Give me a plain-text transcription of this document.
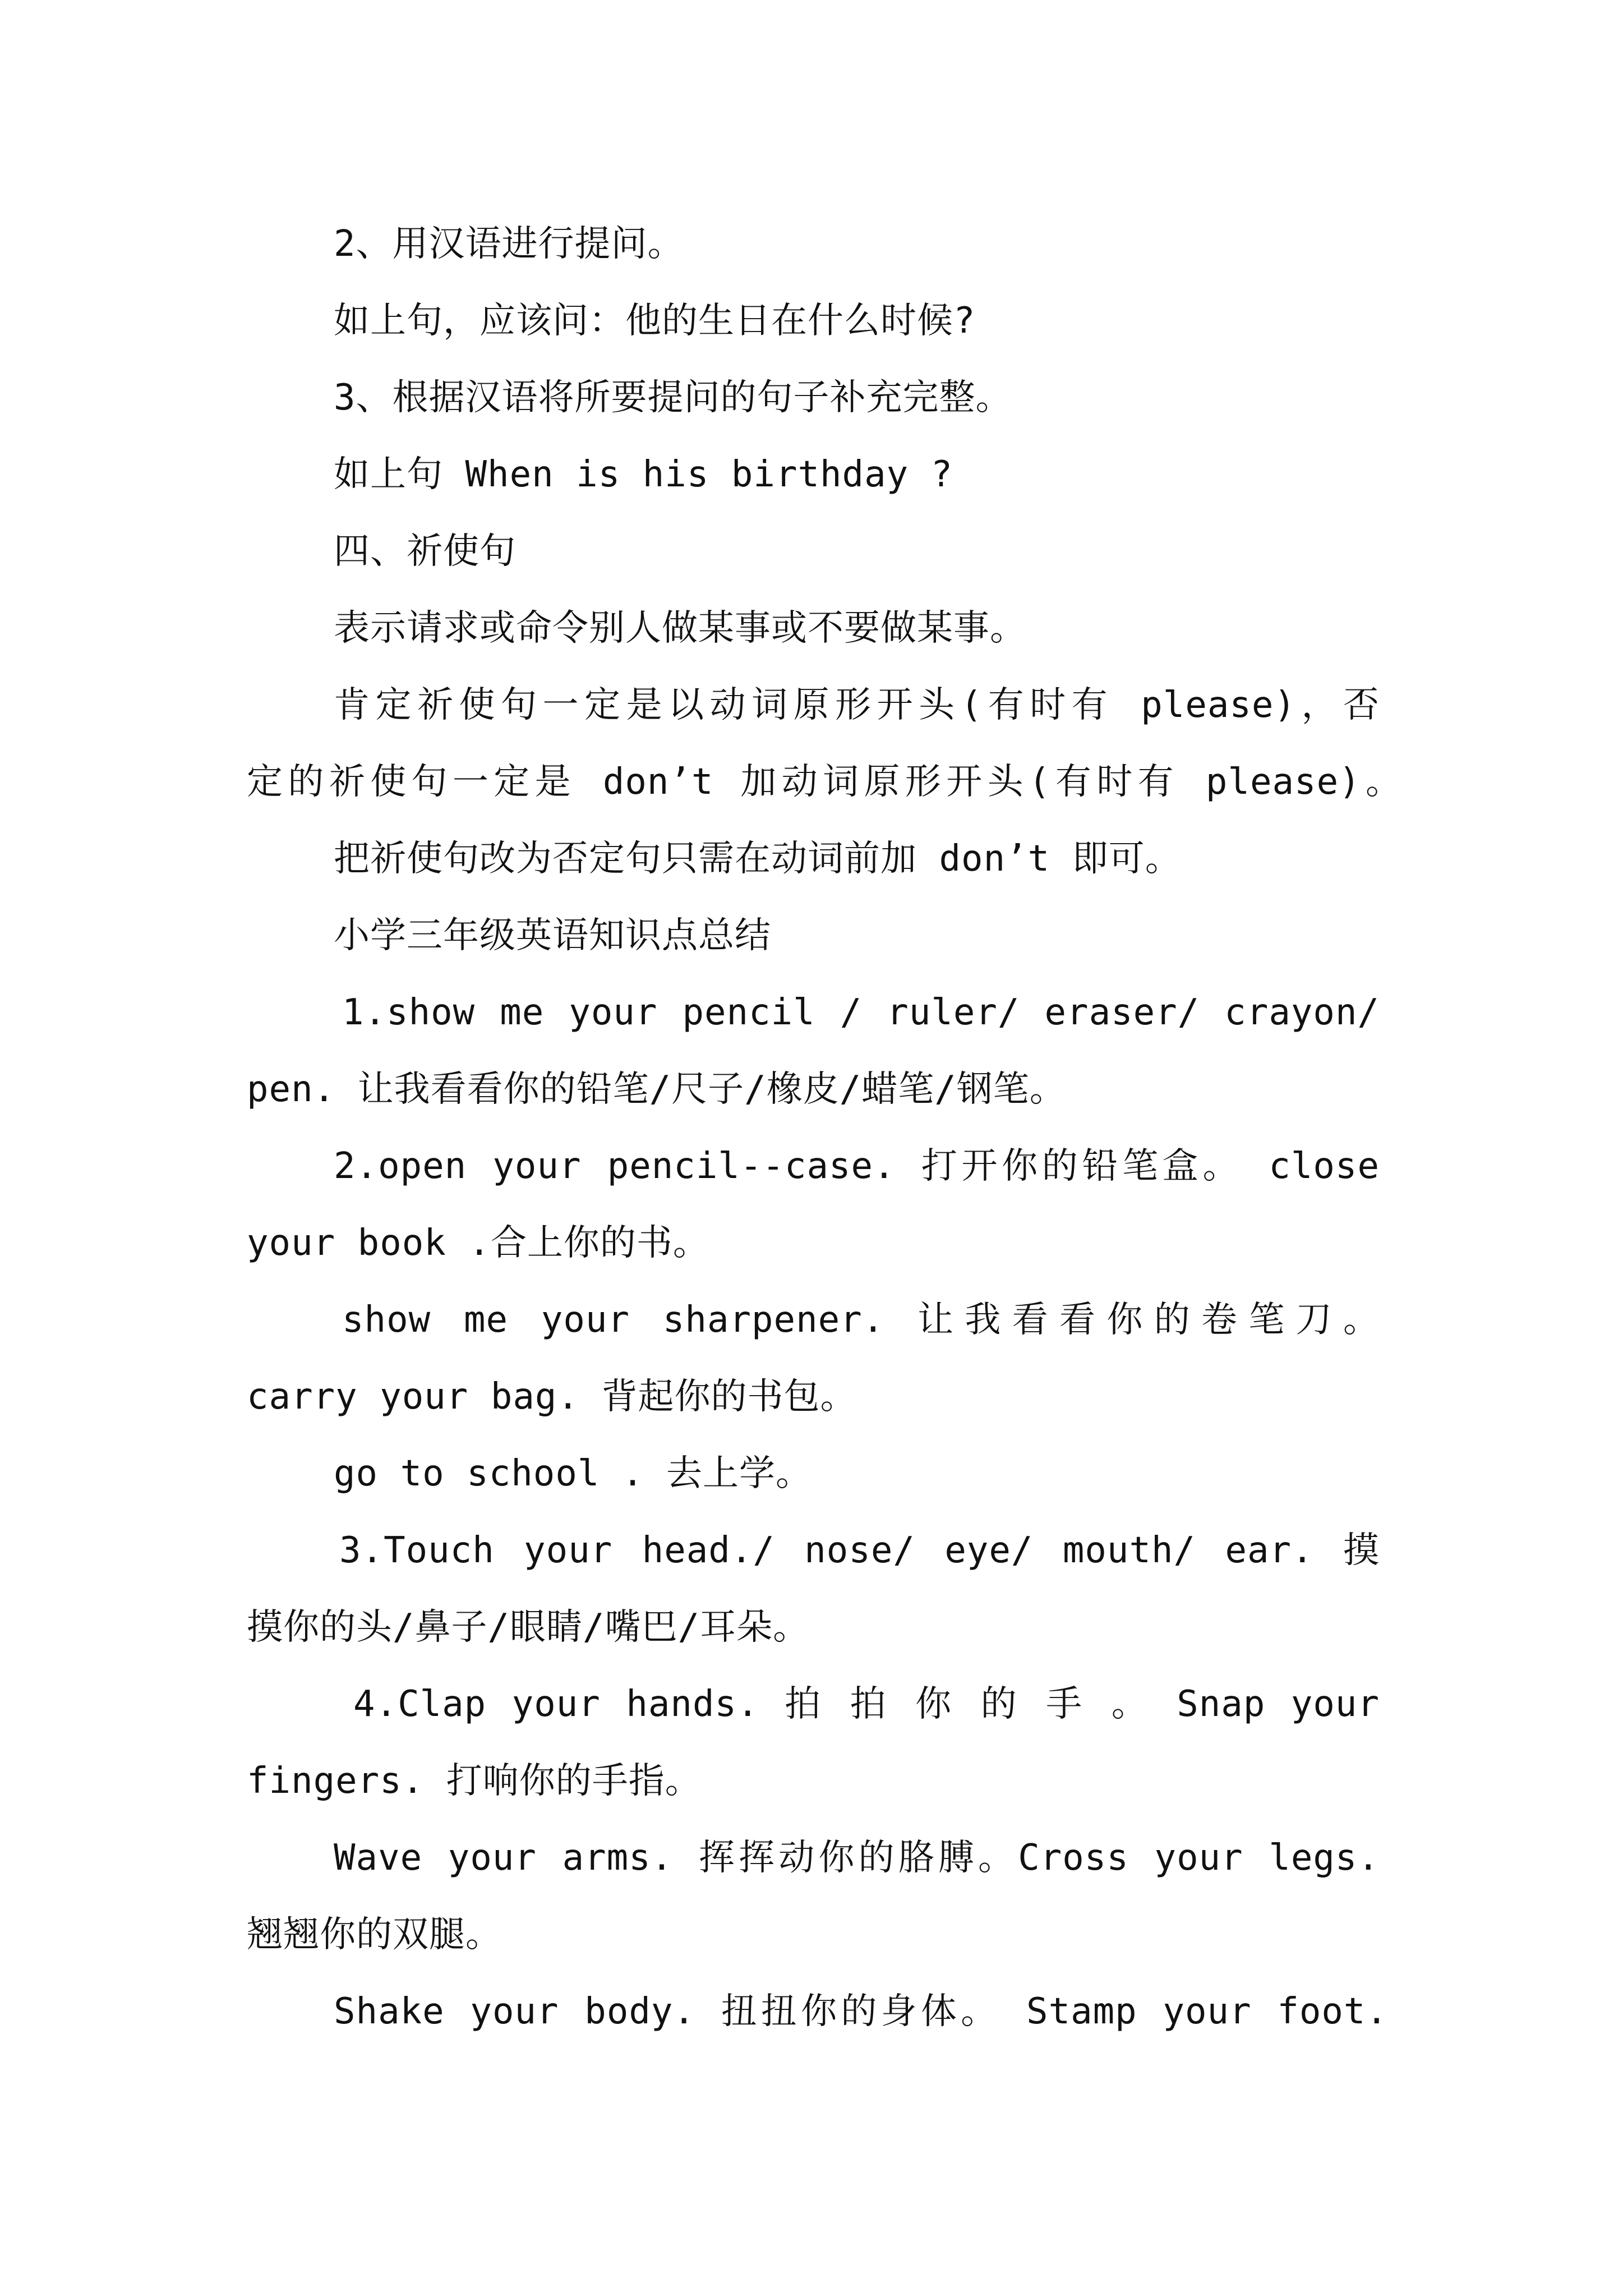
2、用汉语进行提问。
如上句，应该问：他的生日在什么时候?
3、根据汉语将所要提问的句子补充完整。
如上句 When is his birthday ?
四、祈使句
表示请求或命令别人做某事或不要做某事。
肯定祈使句一定是以动词原形开头(有时有 please)，否
定的祈使句一定是 don’t 加动词原形开头(有时有 please)。
把祈使句改为否定句只需在动词前加 don’t 即可。
小学三年级英语知识点总结
1.show me your pencil / ruler/ eraser/ crayon/
pen. 让我看看你的铅笔/尺子/橡皮/蜡笔/钢笔。
2.open your pencil--case. 打开你的铅笔盒。 close
your book .合上你的书。
show me your sharpener. 让我看看你的卷笔刀。
carry your bag. 背起你的书包。
go to school . 去上学。
3.Touch your head./ nose/ eye/ mouth/ ear. 摸
摸你的头/鼻子/眼睛/嘴巴/耳朵。
4.Clap your hands. 拍 拍 你 的 手 。 Snap your
fingers. 打响你的手指。
Wave your arms. 挥挥动你的胳膊。Cross your legs.
翘翘你的双腿。
Shake your body. 扭扭你的身体。 Stamp your foot.
